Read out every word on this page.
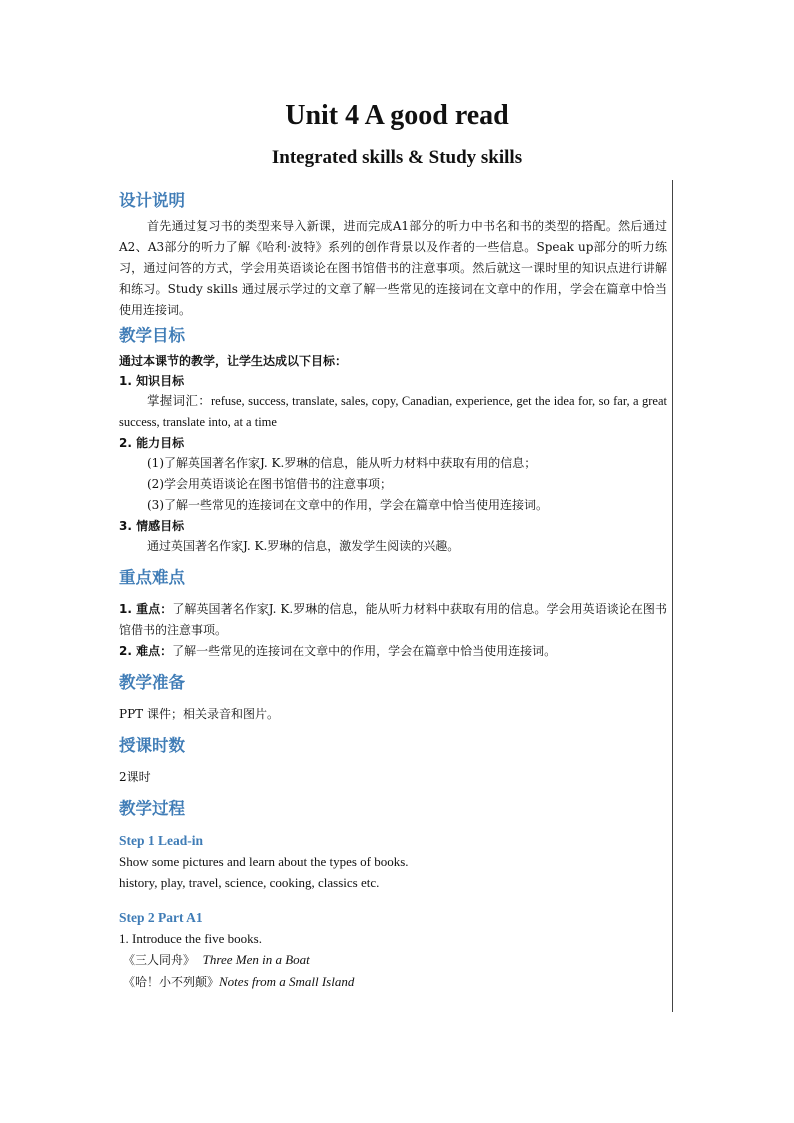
Unit 4 A good read
Integrated skills & Study skills
设计说明

首先通过复习书的类型来导入新课，进而完成A1部分的听力中书名和书的类型的搭配。然后通过A2、A3部分的听力了解《哈利·波特》系列的创作背景以及作者的一些信息。Speak up部分的听力练习，通过问答的方式，学会用英语谈论在图书馆借书的注意事项。然后就这一课时里的知识点进行讲解和练习。Study skills 通过展示学过的文章了解一些常见的连接词在文章中的作用，学会在篇章中恰当使用连接词。

教学目标

通过本课节的教学，让学生达成以下目标：

1. 知识目标

掌握词汇：refuse, success, translate, sales, copy, Canadian, experience, get the idea for, so far, a great success, translate into, at a time

2. 能力目标

(1)了解英国著名作家J. K.罗琳的信息，能从听力材料中获取有用的信息；

(2)学会用英语谈论在图书馆借书的注意事项；

(3)了解一些常见的连接词在文章中的作用，学会在篇章中恰当使用连接词。

3. 情感目标

通过英国著名作家J. K.罗琳的信息，激发学生阅读的兴趣。

重点难点

1. 重点：了解英国著名作家J. K.罗琳的信息，能从听力材料中获取有用的信息。学会用英语谈论在图书馆借书的注意事项。

2. 难点：了解一些常见的连接词在文章中的作用，学会在篇章中恰当使用连接词。

教学准备

PPT 课件；相关录音和图片。

授课时数

2课时

教学过程

Step 1 Lead-in

Show some pictures and learn about the types of books.

history, play, travel, science, cooking, classics etc.

Step 2 Part A1

1. Introduce the five books.

《三人同舟》 Three Men in a Boat

《哈！小不列颠》Notes from a Small Island
